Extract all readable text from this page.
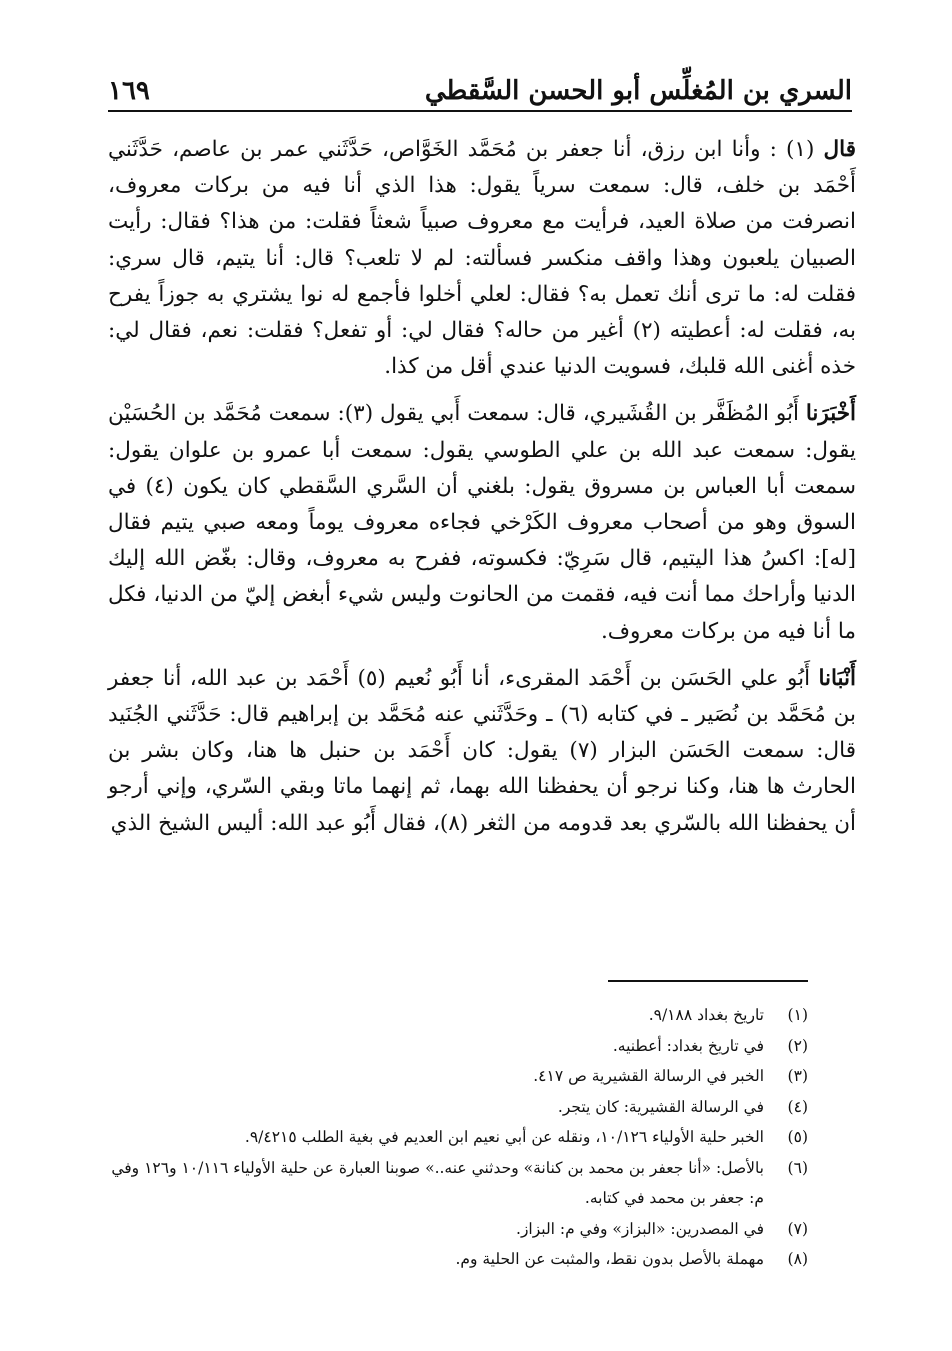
السري بن المُغلِّس أبو الحسن السَّقطي
١٦٩

قال (١) : وأنا ابن رزق، أنا جعفر بن مُحَمَّد الخَوَّاص، حَدَّثَني عمر بن عاصم، حَدَّثَني أَحْمَد بن خلف، قال: سمعت سرياً يقول: هذا الذي أنا فيه من بركات معروف، انصرفت من صلاة العيد، فرأيت مع معروف صبياً شعثاً فقلت: من هذا؟ فقال: رأيت الصبيان يلعبون وهذا واقف منكسر فسألته: لم لا تلعب؟ قال: أنا يتيم، قال سري: فقلت له: ما ترى أنك تعمل به؟ فقال: لعلي أخلوا فأجمع له نوا يشتري به جوزاً يفرح به، فقلت له: أعطيته (٢) أغير من حاله؟ فقال لي: أو تفعل؟ فقلت: نعم، فقال لي: خذه أغنى الله قلبك، فسويت الدنيا عندي أقل من كذا.

أَخْبَرَنا أَبُو المُظَفَّر بن القُشَيري، قال: سمعت أَبي يقول (٣): سمعت مُحَمَّد بن الحُسَيْن يقول: سمعت عبد الله بن علي الطوسي يقول: سمعت أبا عمرو بن علوان يقول: سمعت أبا العباس بن مسروق يقول: بلغني أن السَّري السَّقطي كان يكون (٤) في السوق وهو من أصحاب معروف الكَرْخي فجاءه معروف يوماً ومعه صبي يتيم فقال [له]: اكسُ هذا اليتيم، قال سَرِيّ: فكسوته، ففرح به معروف، وقال: بغّض الله إليك الدنيا وأراحك مما أنت فيه، فقمت من الحانوت وليس شيء أبغض إليّ من الدنيا، فكل ما أنا فيه من بركات معروف.

أَنْبَانا أَبُو علي الحَسَن بن أَحْمَد المقرىء، أنا أَبُو نُعيم (٥) أَحْمَد بن عبد الله، أنا جعفر بن مُحَمَّد بن نُصَير ـ في كتابه (٦) ـ وحَدَّثَني عنه مُحَمَّد بن إبراهيم قال: حَدَّثَني الجُنَيد قال: سمعت الحَسَن البزار (٧) يقول: كان أَحْمَد بن حنبل ها هنا، وكان بشر بن الحارث ها هنا، وكنا نرجو أن يحفظنا الله بهما، ثم إنهما ماتا وبقي السّري، وإني أرجو أن يحفظنا الله بالسّري بعد قدومه من الثغر (٨)، فقال أَبُو عبد الله: أليس الشيخ الذي

(١)
تاريخ بغداد ٩/١٨٨.
(٢)
في تاريخ بغداد: أعطنيه.
(٣)
الخبر في الرسالة القشيرية ص ٤١٧.
(٤)
في الرسالة القشيرية: كان يتجر.
(٥)
الخبر حلية الأولياء ١٠/١٢٦، ونقله عن أبي نعيم ابن العديم في بغية الطلب ٩/٤٢١٥.
(٦)
بالأصل: «أنا جعفر بن محمد بن كنانة» وحدثني عنه..» صوبنا العبارة عن حلية الأولياء ١٠/١١٦ و١٢٦ وفي م: جعفر بن محمد في كتابه.
(٧)
في المصدرين: «البزاز» وفي م: البزاز.
(٨)
مهملة بالأصل بدون نقط، والمثبت عن الحلية وم.
